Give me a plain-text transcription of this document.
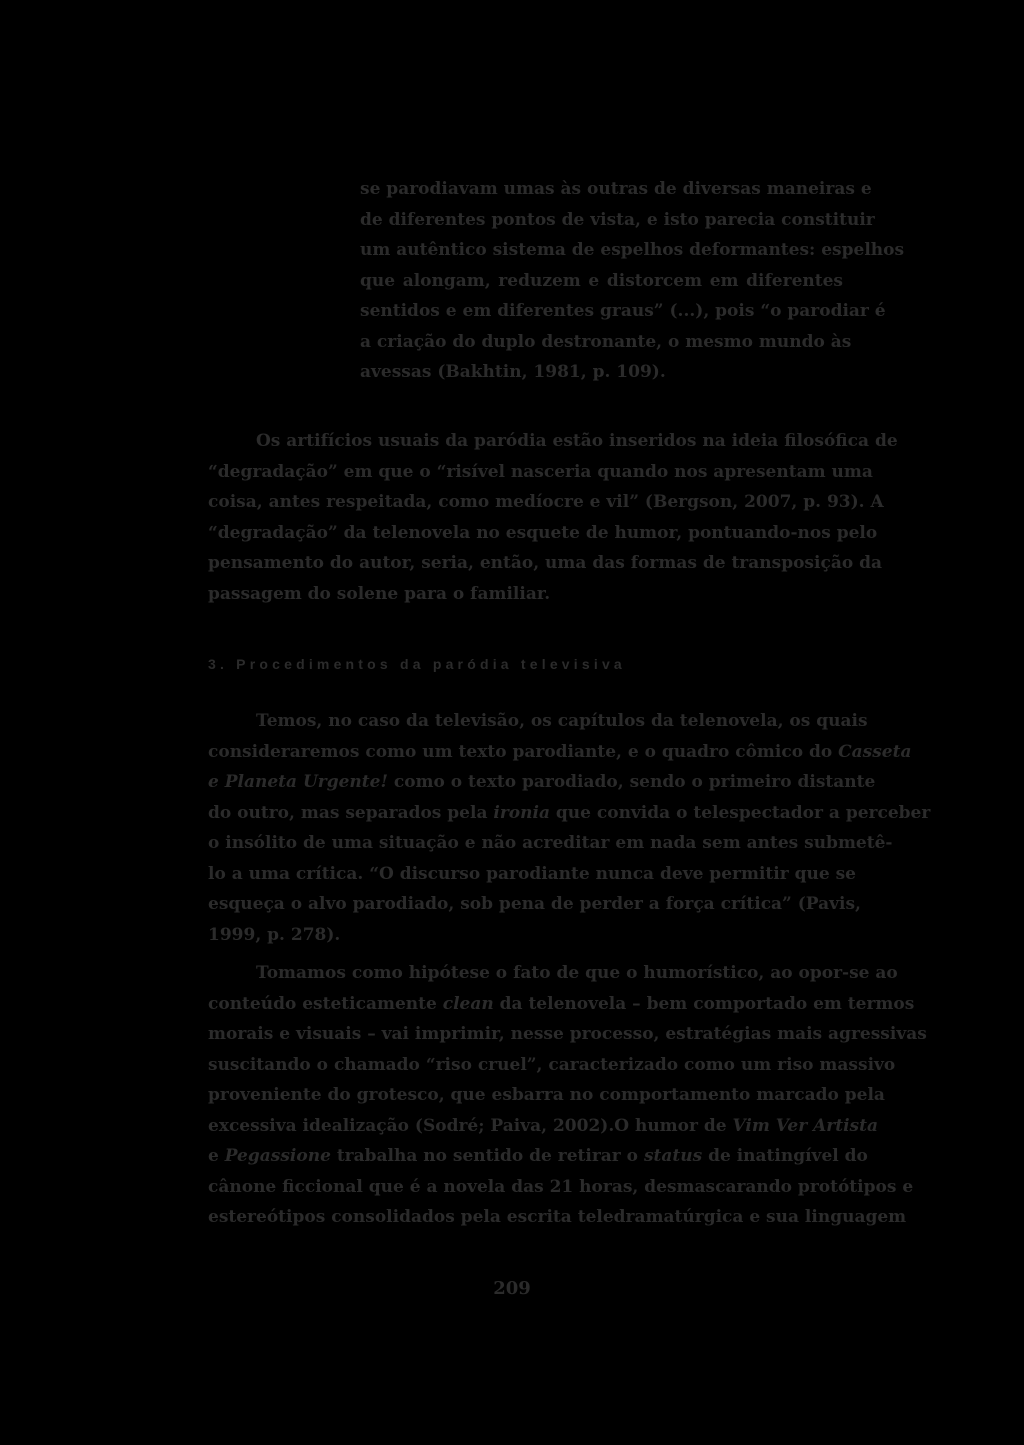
se parodiavam umas às outras de diversas maneiras e
de diferentes pontos de vista, e isto parecia constituir
um autêntico sistema de espelhos deformantes: espelhos
que alongam, reduzem e distorcem em diferentes
sentidos e em diferentes graus” (...), pois “o parodiar é
a criação do duplo destronante, o mesmo mundo às
avessas (Bakhtin, 1981, p. 109).
Os artifícios usuais da paródia estão inseridos na ideia filosófica de
“degradação” em que o “risível nasceria quando nos apresentam uma
coisa, antes respeitada, como medíocre e vil” (Bergson, 2007, p. 93). A
“degradação” da telenovela no esquete de humor, pontuando-nos pelo
pensamento do autor, seria, então, uma das formas de transposição da
passagem do solene para o familiar.
3. Procedimentos da paródia televisiva
Temos, no caso da televisão, os capítulos da telenovela, os quais
consideraremos como um texto parodiante, e o quadro cômico do Casseta
e Planeta Urgente! como o texto parodiado, sendo o primeiro distante
do outro, mas separados pela ironia que convida o telespectador a perceber
o insólito de uma situação e não acreditar em nada sem antes submetê-
lo a uma crítica. “O discurso parodiante nunca deve permitir que se
esqueça o alvo parodiado, sob pena de perder a força crítica” (Pavis,
1999, p. 278).
Tomamos como hipótese o fato de que o humorístico, ao opor-se ao
conteúdo esteticamente clean da telenovela – bem comportado em termos
morais e visuais – vai imprimir, nesse processo, estratégias mais agressivas
suscitando o chamado “riso cruel”, caracterizado como um riso massivo
proveniente do grotesco, que esbarra no comportamento marcado pela
excessiva idealização (Sodré; Paiva, 2002).O humor de Vim Ver Artista
e Pegassione trabalha no sentido de retirar o status de inatingível do
cânone ficcional que é a novela das 21 horas, desmascarando protótipos e
estereótipos consolidados pela escrita teledramatúrgica e sua linguagem
209
